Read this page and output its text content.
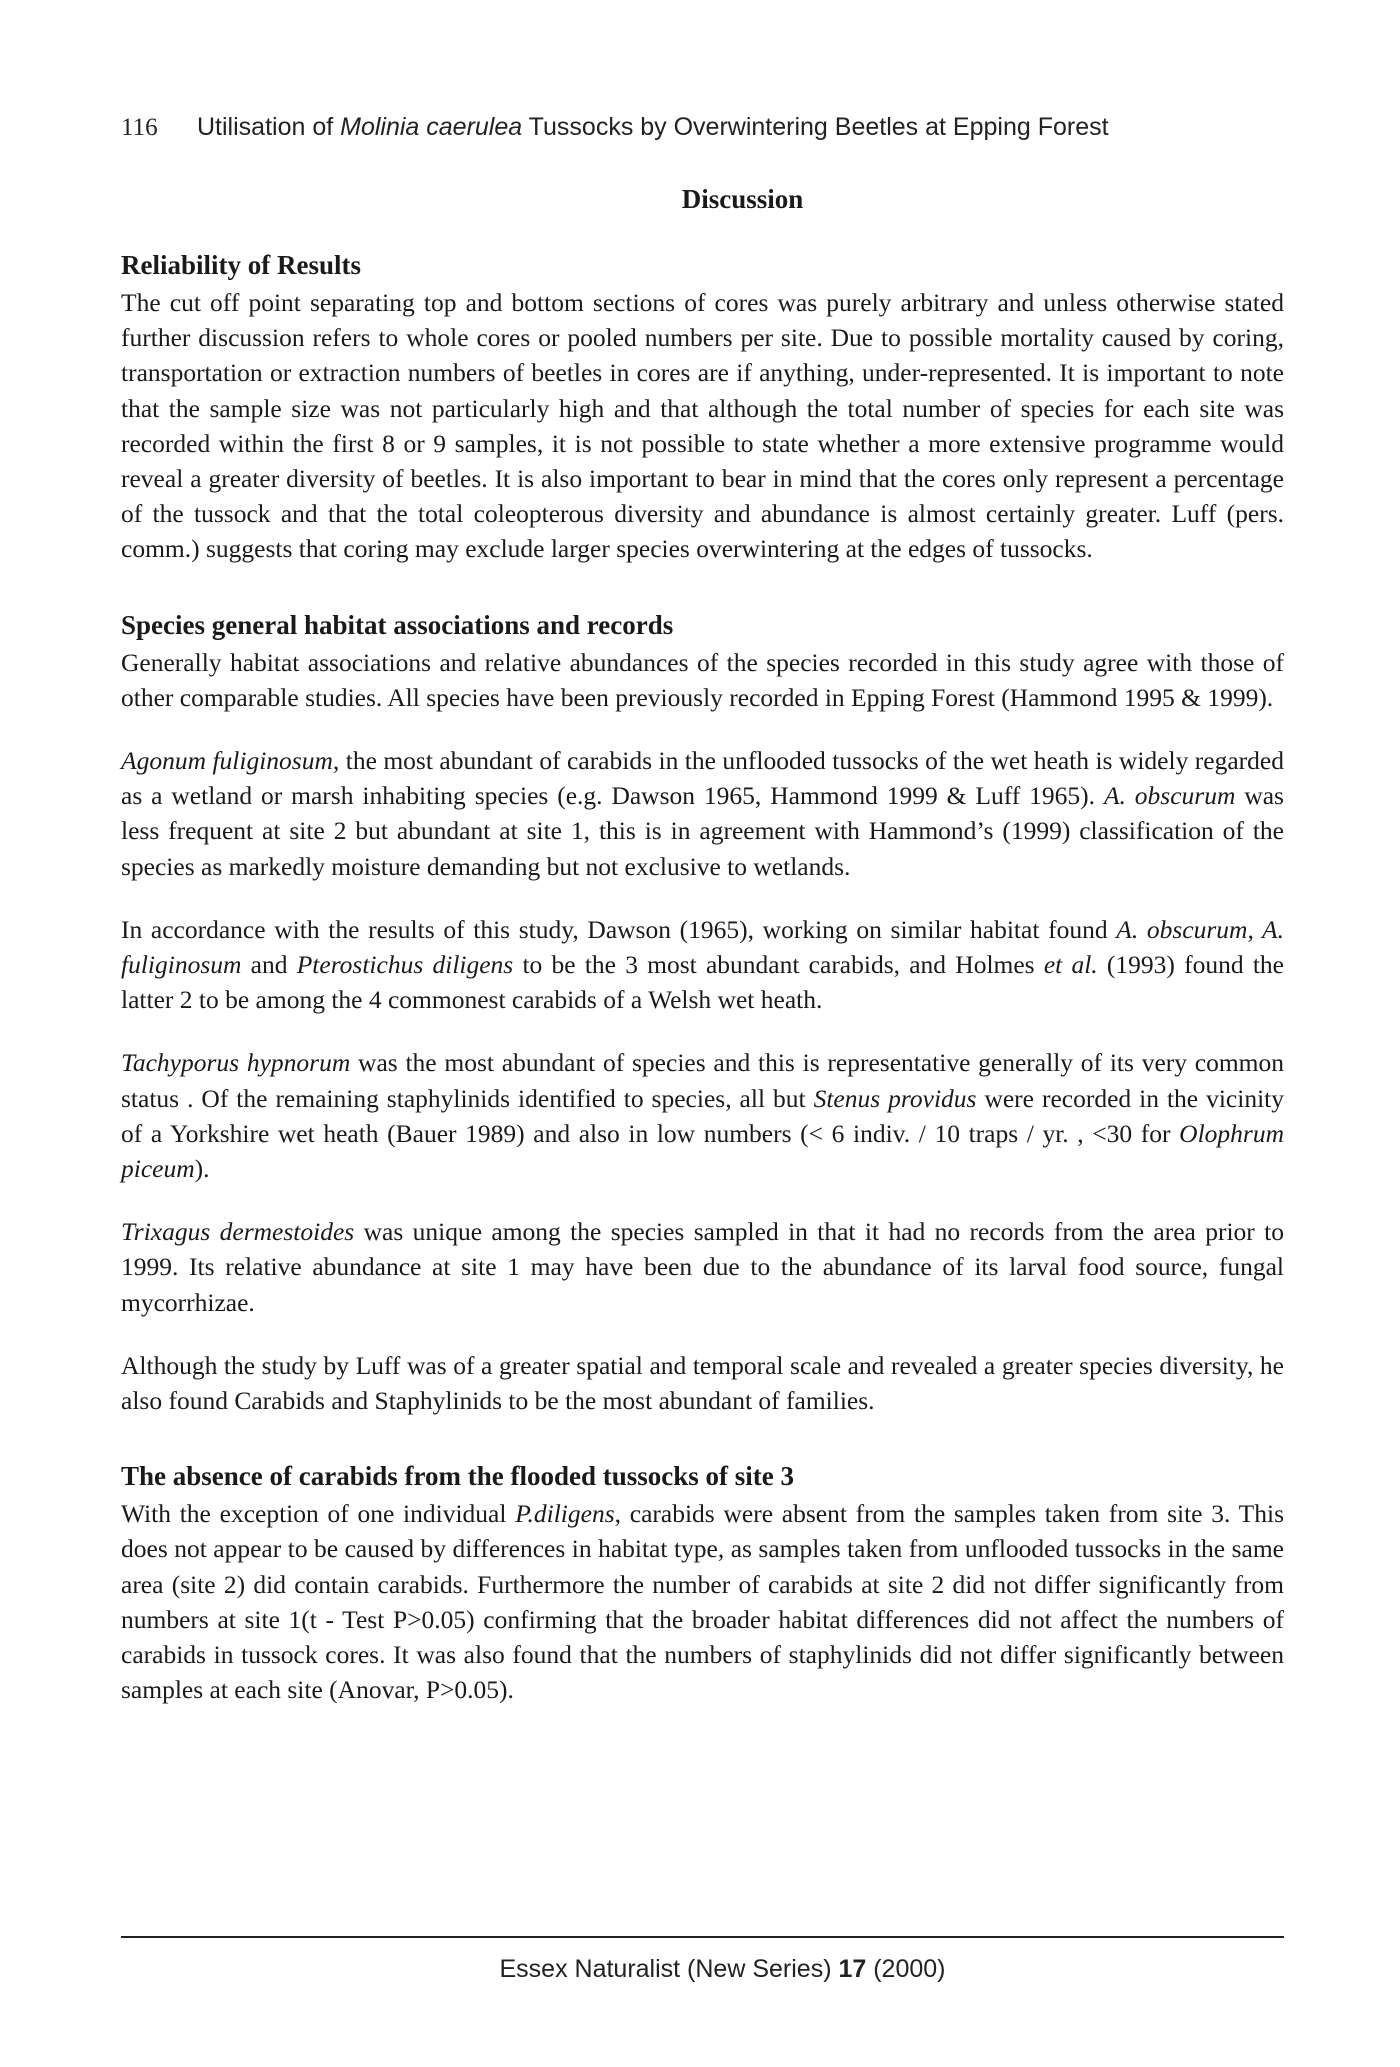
116	Utilisation of Molinia caerulea Tussocks by Overwintering Beetles at Epping Forest
Discussion
Reliability of Results

The cut off point separating top and bottom sections of cores was purely arbitrary and unless otherwise stated further discussion refers to whole cores or pooled numbers per site. Due to possible mortality caused by coring, transportation or extraction numbers of beetles in cores are if anything, under-represented. It is important to note that the sample size was not particularly high and that although the total number of species for each site was recorded within the first 8 or 9 samples, it is not possible to state whether a more extensive programme would reveal a greater diversity of beetles. It is also important to bear in mind that the cores only represent a percentage of the tussock and that the total coleopterous diversity and abundance is almost certainly greater. Luff (pers. comm.) suggests that coring may exclude larger species overwintering at the edges of tussocks.

Species general habitat associations and records

Generally habitat associations and relative abundances of the species recorded in this study agree with those of other comparable studies. All species have been previously recorded in Epping Forest (Hammond 1995 & 1999).

Agonum fuliginosum, the most abundant of carabids in the unflooded tussocks of the wet heath is widely regarded as a wetland or marsh inhabiting species (e.g. Dawson 1965, Hammond 1999 & Luff 1965). A. obscurum was less frequent at site 2 but abundant at site 1, this is in agreement with Hammond’s (1999) classification of the species as markedly moisture demanding but not exclusive to wetlands.

In accordance with the results of this study, Dawson (1965), working on similar habitat found A. obscurum, A. fuliginosum and Pterostichus diligens to be the 3 most abundant carabids, and Holmes et al. (1993) found the latter 2 to be among the 4 commonest carabids of a Welsh wet heath.

Tachyporus hypnorum was the most abundant of species and this is representative generally of its very common status . Of the remaining staphylinids identified to species, all but Stenus providus were recorded in the vicinity of a Yorkshire wet heath (Bauer 1989) and also in low numbers (< 6 indiv. / 10 traps / yr. , <30 for Olophrum piceum).

Trixagus dermestoides was unique among the species sampled in that it had no records from the area prior to 1999. Its relative abundance at site 1 may have been due to the abundance of its larval food source, fungal mycorrhizae.

Although the study by Luff was of a greater spatial and temporal scale and revealed a greater species diversity, he also found Carabids and Staphylinids to be the most abundant of families.

The absence of carabids from the flooded tussocks of site 3

With the exception of one individual P.diligens, carabids were absent from the samples taken from site 3. This does not appear to be caused by differences in habitat type, as samples taken from unflooded tussocks in the same area (site 2) did contain carabids. Furthermore the number of carabids at site 2 did not differ significantly from numbers at site 1(t - Test P>0.05) confirming that the broader habitat differences did not affect the numbers of carabids in tussock cores. It was also found that the numbers of staphylinids did not differ significantly between samples at each site (Anovar, P>0.05).

Essex Naturalist (New Series) 17 (2000)
